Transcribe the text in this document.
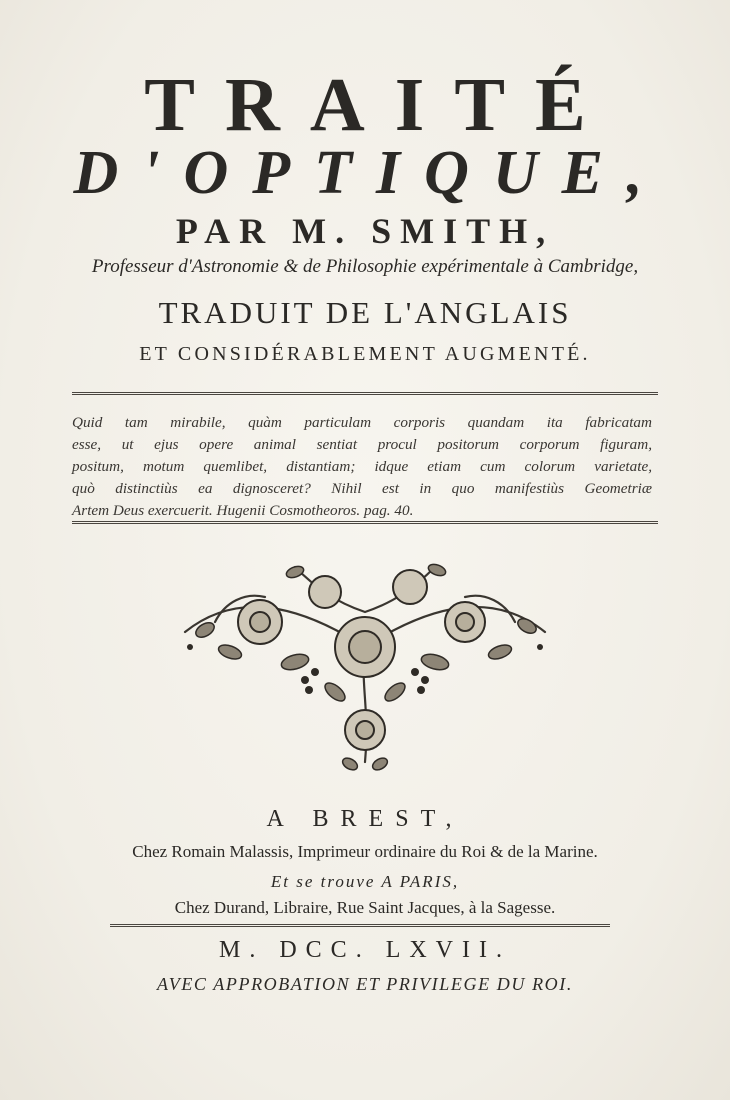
TRAITÉ
D'OPTIQUE,
PAR M. SMITH,
Professeur d'Astronomie & de Philosophie expérimentale à Cambridge,
TRADUIT DE L'ANGLAIS
ET CONSIDÉRABLEMENT AUGMENTÉ.
Quid tam mirabile, quàm particulam corporis quandam ita fabricatam
esse, ut ejus opere animal sentiat procul positorum corporum figuram,
positum, motum quemlibet, distantiam; idque etiam cum colorum varietate,
quò distinctiùs ea dignosceret? Nihil est in quo manifestiùs Geometriæ
Artem Deus exercuerit. Hugenii Cosmotheoros. pag. 40.
A BREST,
Chez Romain Malassis, Imprimeur ordinaire du Roi & de la Marine.
Et se trouve A PARIS,
Chez Durand, Libraire, Rue Saint Jacques, à la Sagesse.
M. DCC. LXVII.
AVEC APPROBATION ET PRIVILEGE DU ROI.
